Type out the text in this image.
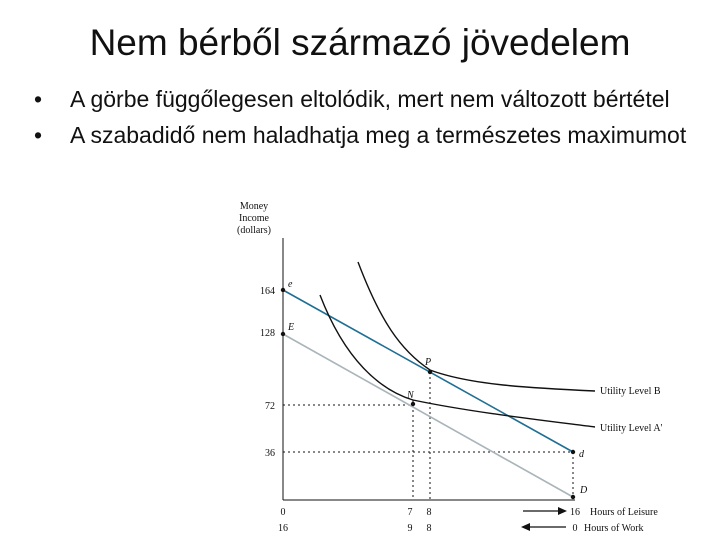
Nem bérből származó jövedelem
• A görbe függőlegesen eltolódik, mert nem változott bértétel
• A szabadidő nem haladhatja meg a természetes maximumot
Money
Income
(dollars)
e
E
P
N
d
D
Utility Level B
Utility Level A'
164
128
72
36
0	7 8	16 Hours of Leisure
16	9 8	0 Hours of Work
